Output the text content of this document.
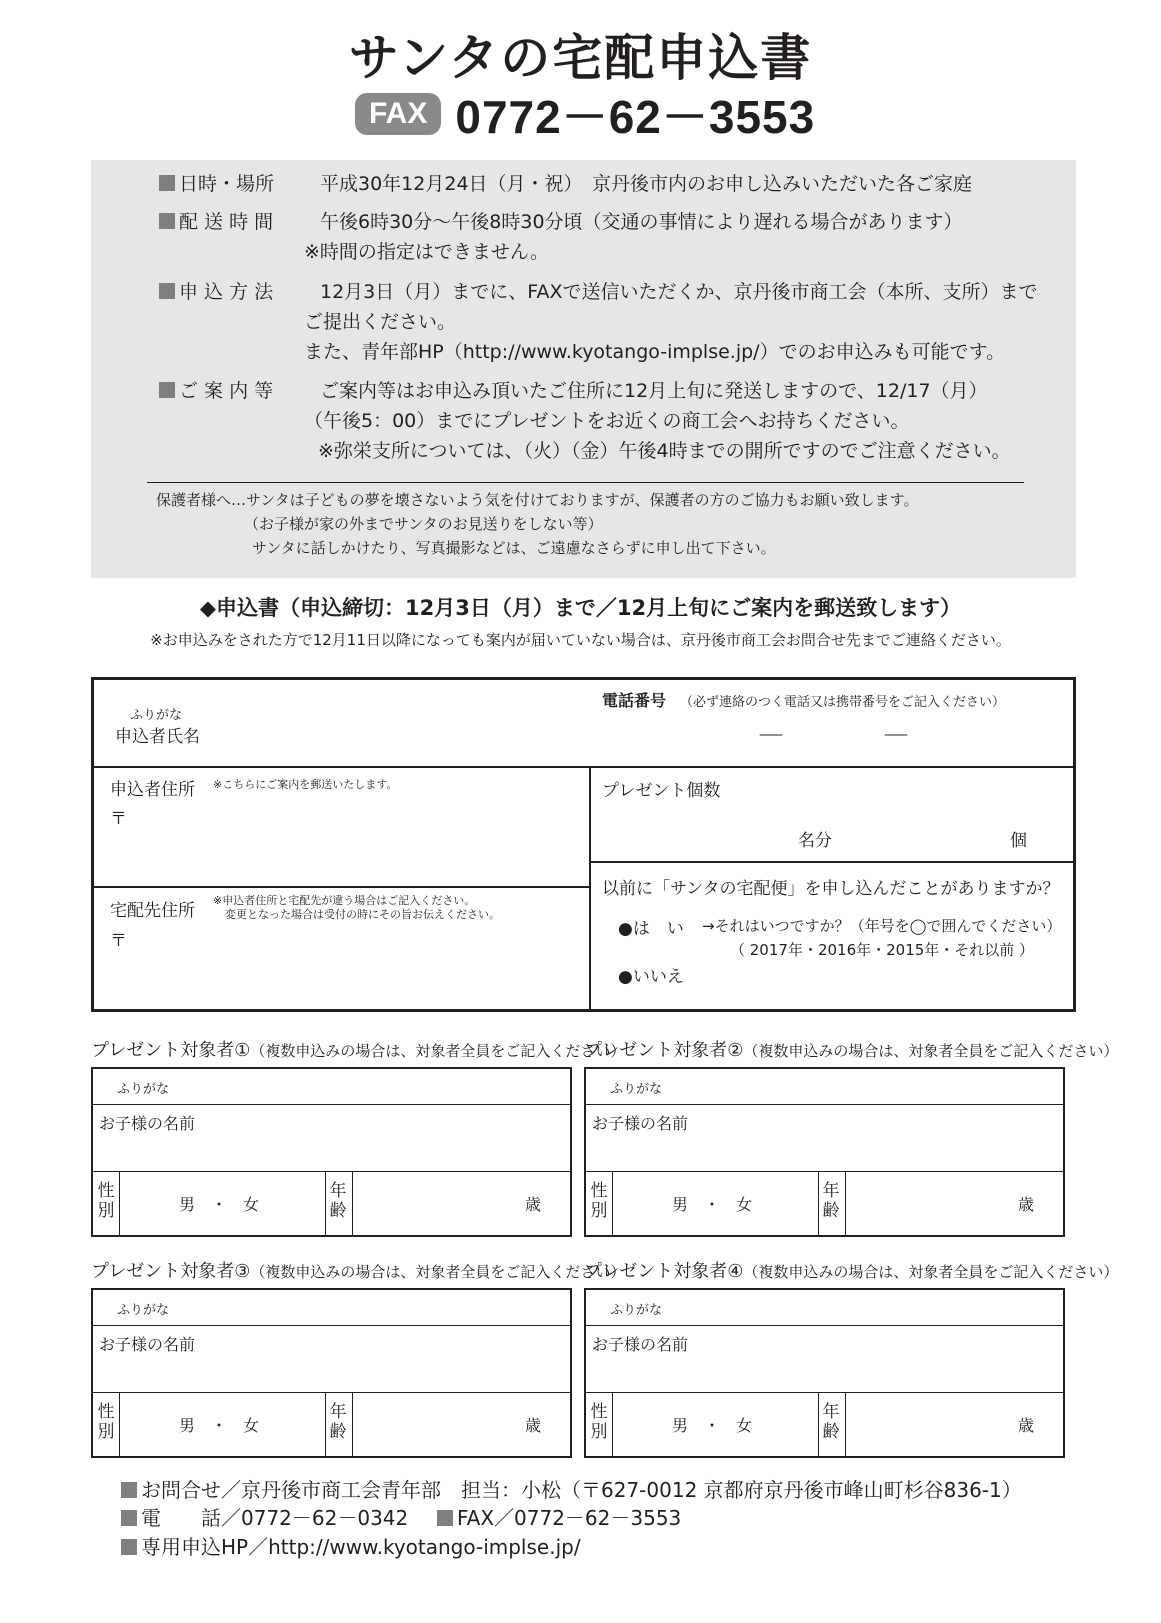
サンタの宅配申込書
FAX 0772－62－3553
日時・場所 平成30年12月24日（月・祝）　京丹後市内のお申し込みいただいた各ご家庭
配 送 時 間 午後6時30分～午後8時30分頃（交通の事情により遅れる場合があります）
※時間の指定はできません。
申 込 方 法 12月3日（月）までに、FAXで送信いただくか、京丹後市商工会（本所、支所）まで
ご提出ください。
また、青年部HP（http://www.kyotango-implse.jp/）でのお申込みも可能です。
ご 案 内 等 ご案内等はお申込み頂いたご住所に12月上旬に発送しますので、12/17（月）
（午後5：00）までにプレゼントをお近くの商工会へお持ちください。
※弥栄支所については、（火）（金）午後4時までの開所ですのでご注意ください。
保護者様へ…サンタは子どもの夢を壊さないよう気を付けておりますが、保護者の方のご協力もお願い致します。
（お子様が家の外までサンタのお見送りをしない等）
サンタに話しかけたり、写真撮影などは、ご遠慮なさらずに申し出て下さい。
◆申込書（申込締切：12月3日（月）まで／12月上旬にご案内を郵送致します）
※お申込みをされた方で12月11日以降になっても案内が届いていない場合は、京丹後市商工会お問合せ先までご連絡ください。
ふりがな
申込者氏名
電話番号 （必ず連絡のつく電話又は携帯番号をご記入ください）
—	—
申込者住所 ※こちらにご案内を郵送いたします。
〒
プレゼント個数
名分	個
宅配先住所
※申込者住所と宅配先が違う場合はご記入ください。
変更となった場合は受付の時にその旨お伝えください。
〒
以前に「サンタの宅配便」を申し込んだことがありますか？
●は　い →それはいつですか？（年号を◯で囲んでください）
（ 2017年・2016年・2015年・それ以前 ）
●いいえ
プレゼント対象者①（複数申込みの場合は、対象者全員をご記入ください）
プレゼント対象者②（複数申込みの場合は、対象者全員をご記入ください）
プレゼント対象者③（複数申込みの場合は、対象者全員をご記入ください）
プレゼント対象者④（複数申込みの場合は、対象者全員をご記入ください）
ふりがな
お子様の名前
性
別	男　・　女
年
齢	歳
ふりがな
お子様の名前
性
別	男　・　女
年
齢	歳
ふりがな
お子様の名前
性
別	男　・　女
年
齢	歳
ふりがな
お子様の名前
性
別	男　・　女
年
齢	歳
お問合せ／京丹後市商工会青年部　担当：小松（〒627-0012 京都府京丹後市峰山町杉谷836-1）
電　　話／0772－62－0342 FAX／0772－62－3553
専用申込HP／http://www.kyotango-implse.jp/
